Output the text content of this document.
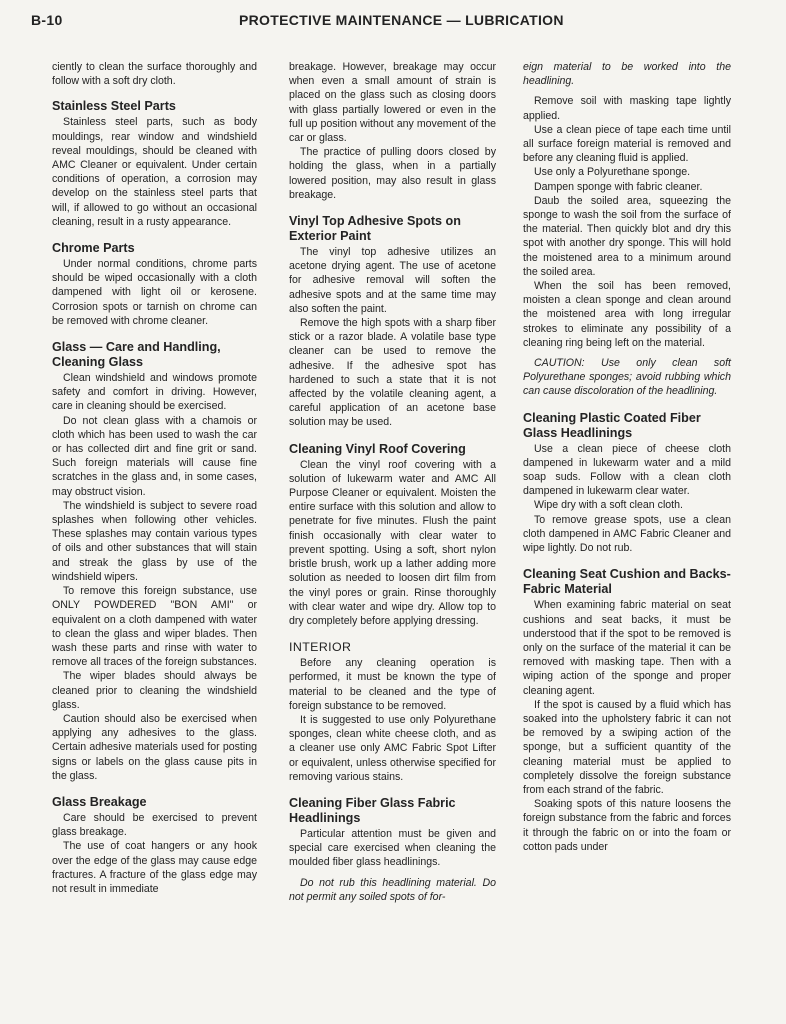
B-10	PROTECTIVE MAINTENANCE — LUBRICATION

ciently to clean the surface thoroughly and follow with a soft dry cloth.

Stainless Steel Parts

Stainless steel parts, such as body mouldings, rear window and windshield reveal mouldings, should be cleaned with AMC Cleaner or equivalent. Under certain conditions of operation, a corrosion may develop on the stainless steel parts that will, if allowed to go without an occasional cleaning, result in a rusty appearance.

Chrome Parts

Under normal conditions, chrome parts should be wiped occasionally with a cloth dampened with light oil or kerosene. Corrosion spots or tarnish on chrome can be removed with chrome cleaner.

Glass — Care and Handling, Cleaning Glass

Clean windshield and windows promote safety and comfort in driving. However, care in cleaning should be exercised.

Do not clean glass with a chamois or cloth which has been used to wash the car or has collected dirt and fine grit or sand. Such foreign materials will cause fine scratches in the glass and, in some cases, may obstruct vision.

The windshield is subject to severe road splashes when following other vehicles. These splashes may contain various types of oils and other substances that will stain and streak the glass by use of the windshield wipers.

To remove this foreign substance, use ONLY POWDERED "BON AMI" or equivalent on a cloth dampened with water to clean the glass and wiper blades. Then wash these parts and rinse with water to remove all traces of the foreign substances.

The wiper blades should always be cleaned prior to cleaning the windshield glass.

Caution should also be exercised when applying any adhesives to the glass. Certain adhesive materials used for posting signs or labels on the glass cause pits in the glass.

Glass Breakage

Care should be exercised to prevent glass breakage.

The use of coat hangers or any hook over the edge of the glass may cause edge fractures. A fracture of the glass edge may not result in immediate

breakage. However, breakage may occur when even a small amount of strain is placed on the glass such as closing doors with glass partially lowered or even in the full up position without any movement of the car or glass.

The practice of pulling doors closed by holding the glass, when in a partially lowered position, may also result in glass breakage.

Vinyl Top Adhesive Spots on Exterior Paint

The vinyl top adhesive utilizes an acetone drying agent. The use of acetone for adhesive removal will soften the adhesive spots and at the same time may also soften the paint.

Remove the high spots with a sharp fiber stick or a razor blade. A volatile base type cleaner can be used to remove the adhesive. If the adhesive spot has hardened to such a state that it is not affected by the volatile cleaning agent, a careful application of an acetone base solution may be used.

Cleaning Vinyl Roof Covering

Clean the vinyl roof covering with a solution of lukewarm water and AMC All Purpose Cleaner or equivalent. Moisten the entire surface with this solution and allow to penetrate for five minutes. Flush the paint finish occasionally with clear water to prevent spotting. Using a soft, short nylon bristle brush, work up a lather adding more solution as needed to loosen dirt film from the vinyl pores or grain. Rinse thoroughly with clear water and wipe dry. Allow top to dry completely before applying dressing.

INTERIOR

Before any cleaning operation is performed, it must be known the type of material to be cleaned and the type of foreign substance to be removed.

It is suggested to use only Polyurethane sponges, clean white cheese cloth, and as a cleaner use only AMC Fabric Spot Lifter or equivalent, unless otherwise specified for removing various stains.

Cleaning Fiber Glass Fabric Headlinings

Particular attention must be given and special care exercised when cleaning the moulded fiber glass headlinings.

Do not rub this headlining material. Do not permit any soiled spots of for-

eign material to be worked into the headlining.

Remove soil with masking tape lightly applied.

Use a clean piece of tape each time until all surface foreign material is removed and before any cleaning fluid is applied.

Use only a Polyurethane sponge.

Dampen sponge with fabric cleaner.

Daub the soiled area, squeezing the sponge to wash the soil from the surface of the material. Then quickly blot and dry this spot with another dry sponge. This will hold the moistened area to a minimum around the soiled area.

When the soil has been removed, moisten a clean sponge and clean around the moistened area with long irregular strokes to eliminate any possibility of a cleaning ring being left on the material.

CAUTION: Use only clean soft Polyurethane sponges; avoid rubbing which can cause discoloration of the headlining.

Cleaning Plastic Coated Fiber Glass Headlinings

Use a clean piece of cheese cloth dampened in lukewarm water and a mild soap suds. Follow with a clean cloth dampened in lukewarm clear water.

Wipe dry with a soft clean cloth.

To remove grease spots, use a clean cloth dampened in AMC Fabric Cleaner and wipe lightly. Do not rub.

Cleaning Seat Cushion and Backs-Fabric Material

When examining fabric material on seat cushions and seat backs, it must be understood that if the spot to be removed is only on the surface of the material it can be removed with masking tape. Then with a wiping action of the sponge and proper cleaning agent.

If the spot is caused by a fluid which has soaked into the upholstery fabric it can not be removed by a swiping action of the sponge, but a sufficient quantity of the cleaning material must be applied to completely dissolve the foreign substance from each strand of the fabric.

Soaking spots of this nature loosens the foreign substance from the fabric and forces it through the fabric on or into the foam or cotton pads under
